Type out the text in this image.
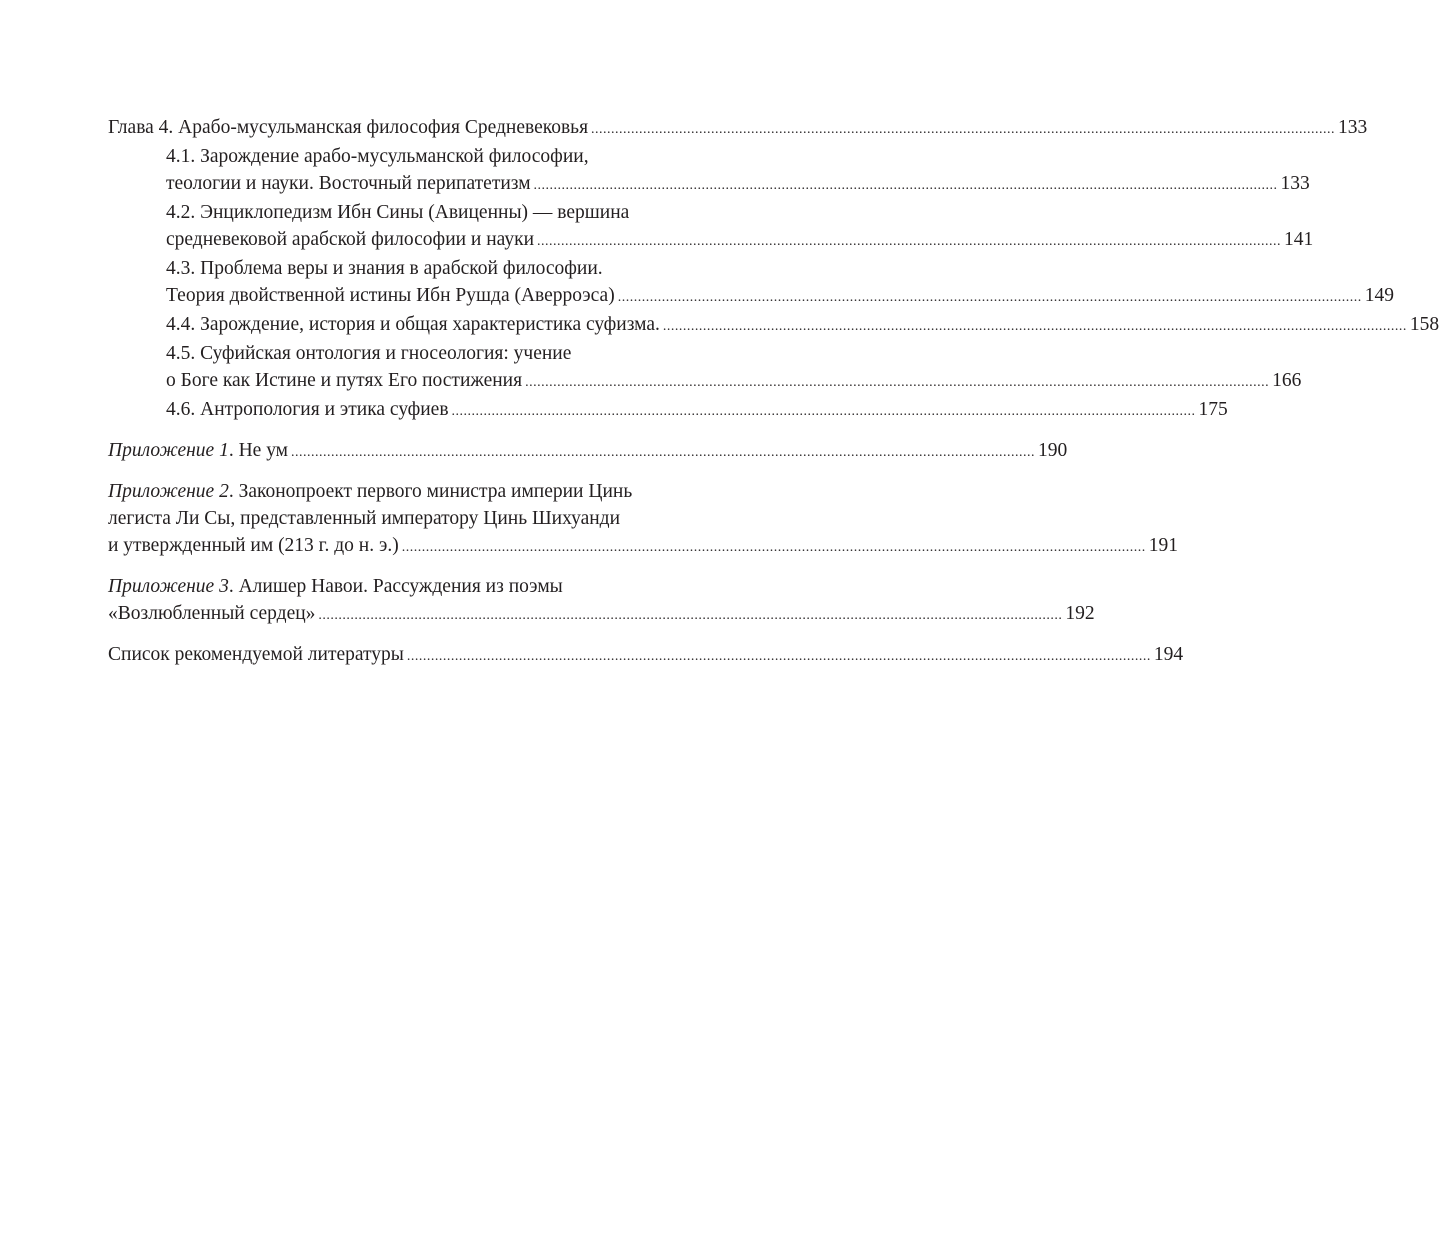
Глава 4. Арабо-мусульманская философия Средневековья .......................................................................................................................................................................................... 133
4.1. Зарождение арабо-мусульманской философии,
теологии и науки. Восточный перипатетизм .......................................................................................................................................................................................... 133
4.2. Энциклопедизм Ибн Сины (Авиценны) — вершина
средневековой арабской философии и науки .......................................................................................................................................................................................... 141
4.3. Проблема веры и знания в арабской философии.
Теория двойственной истины Ибн Рушда (Аверроэса) .......................................................................................................................................................................................... 149
4.4. Зарождение, история и общая характеристика суфизма. .......................................................................................................................................................................................... 158
4.5. Суфийская онтология и гносеология: учение
о Боге как Истине и путях Его постижения .......................................................................................................................................................................................... 166
4.6. Антропология и этика суфиев .......................................................................................................................................................................................... 175
Приложение 1. Не ум .......................................................................................................................................................................................... 190
Приложение 2. Законопроект первого министра империи Цинь
легиста Ли Сы, представленный императору Цинь Шихуанди
и утвержденный им (213 г. до н. э.) .......................................................................................................................................................................................... 191
Приложение 3. Алишер Навои. Рассуждения из поэмы
«Возлюбленный сердец» .......................................................................................................................................................................................... 192
Список рекомендуемой литературы .......................................................................................................................................................................................... 194
